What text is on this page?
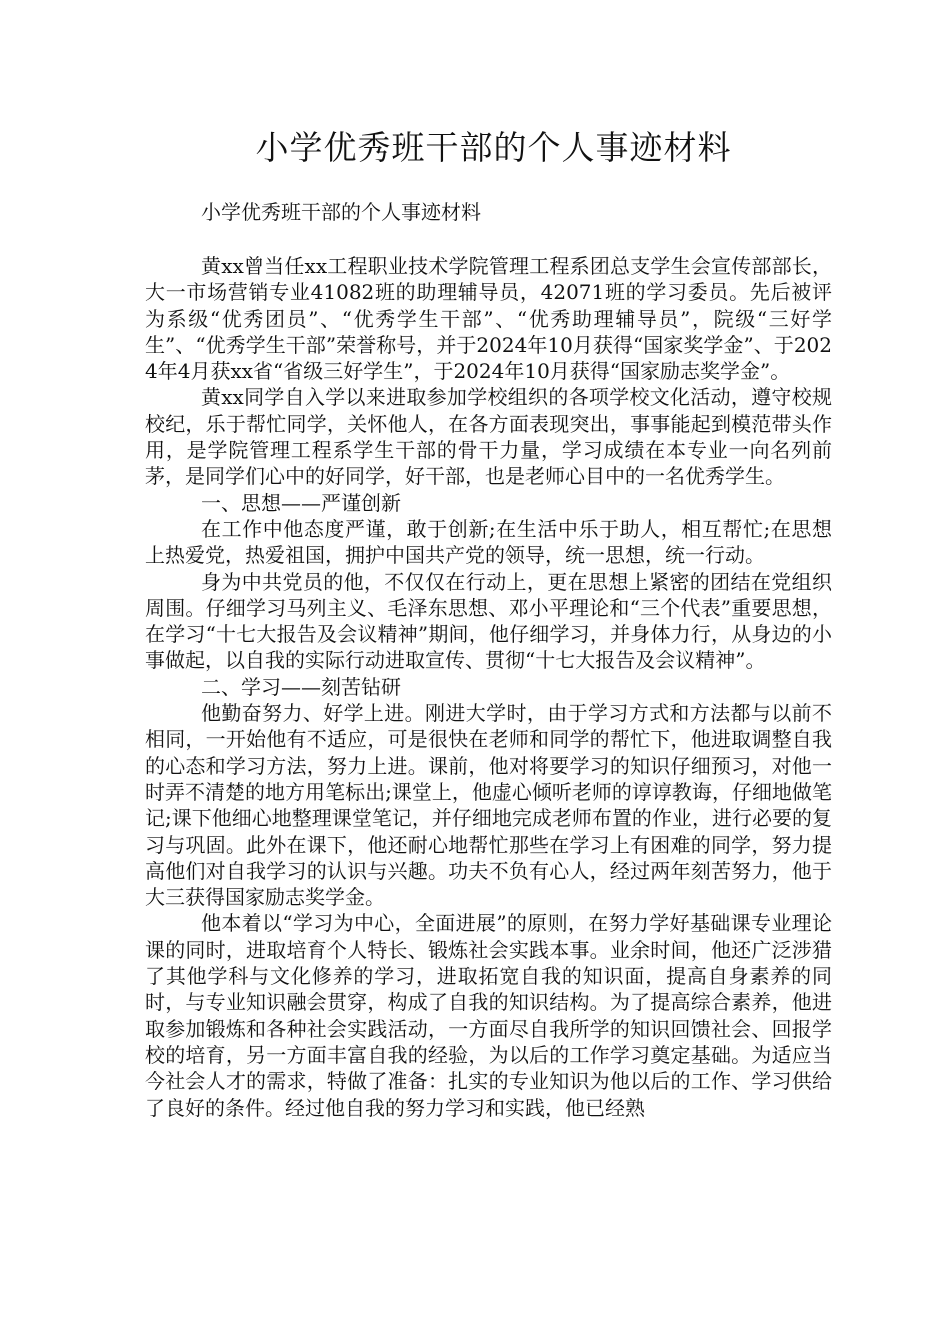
小学优秀班干部的个人事迹材料

小学优秀班干部的个人事迹材料

黄xx曾当任xx工程职业技术学院管理工程系团总支学生会宣传部部长，大一市场营销专业41082班的助理辅导员，42071班的学习委员。先后被评为系级“优秀团员”、“优秀学生干部”、“优秀助理辅导员”，院级“三好学生”、“优秀学生干部”荣誉称号，并于2024年10月获得“国家奖学金”、于2024年4月获xx省“省级三好学生”，于2024年10月获得“国家励志奖学金”。

黄xx同学自入学以来进取参加学校组织的各项学校文化活动，遵守校规校纪，乐于帮忙同学，关怀他人，在各方面表现突出，事事能起到模范带头作用，是学院管理工程系学生干部的骨干力量，学习成绩在本专业一向名列前茅，是同学们心中的好同学，好干部，也是老师心目中的一名优秀学生。

一、思想——严谨创新

在工作中他态度严谨，敢于创新;在生活中乐于助人，相互帮忙;在思想上热爱党，热爱祖国，拥护中国共产党的领导，统一思想，统一行动。

身为中共党员的他，不仅仅在行动上，更在思想上紧密的团结在党组织周围。仔细学习马列主义、毛泽东思想、邓小平理论和“三个代表”重要思想，在学习“十七大报告及会议精神”期间，他仔细学习，并身体力行，从身边的小事做起，以自我的实际行动进取宣传、贯彻“十七大报告及会议精神”。

二、学习——刻苦钻研

他勤奋努力、好学上进。刚进大学时，由于学习方式和方法都与以前不相同，一开始他有不适应，可是很快在老师和同学的帮忙下，他进取调整自我的心态和学习方法，努力上进。课前，他对将要学习的知识仔细预习，对他一时弄不清楚的地方用笔标出;课堂上，他虚心倾听老师的谆谆教诲，仔细地做笔记;课下他细心地整理课堂笔记，并仔细地完成老师布置的作业，进行必要的复习与巩固。此外在课下，他还耐心地帮忙那些在学习上有困难的同学，努力提高他们对自我学习的认识与兴趣。功夫不负有心人，经过两年刻苦努力，他于大三获得国家励志奖学金。

他本着以“学习为中心，全面进展”的原则，在努力学好基础课专业理论课的同时，进取培育个人特长、锻炼社会实践本事。业余时间，他还广泛涉猎了其他学科与文化修养的学习，进取拓宽自我的知识面，提高自身素养的同时，与专业知识融会贯穿，构成了自我的知识结构。为了提高综合素养，他进取参加锻炼和各种社会实践活动，一方面尽自我所学的知识回馈社会、回报学校的培育，另一方面丰富自我的经验，为以后的工作学习奠定基础。为适应当今社会人才的需求，特做了准备：扎实的专业知识为他以后的工作、学习供给了良好的条件。经过他自我的努力学习和实践，他已经熟
